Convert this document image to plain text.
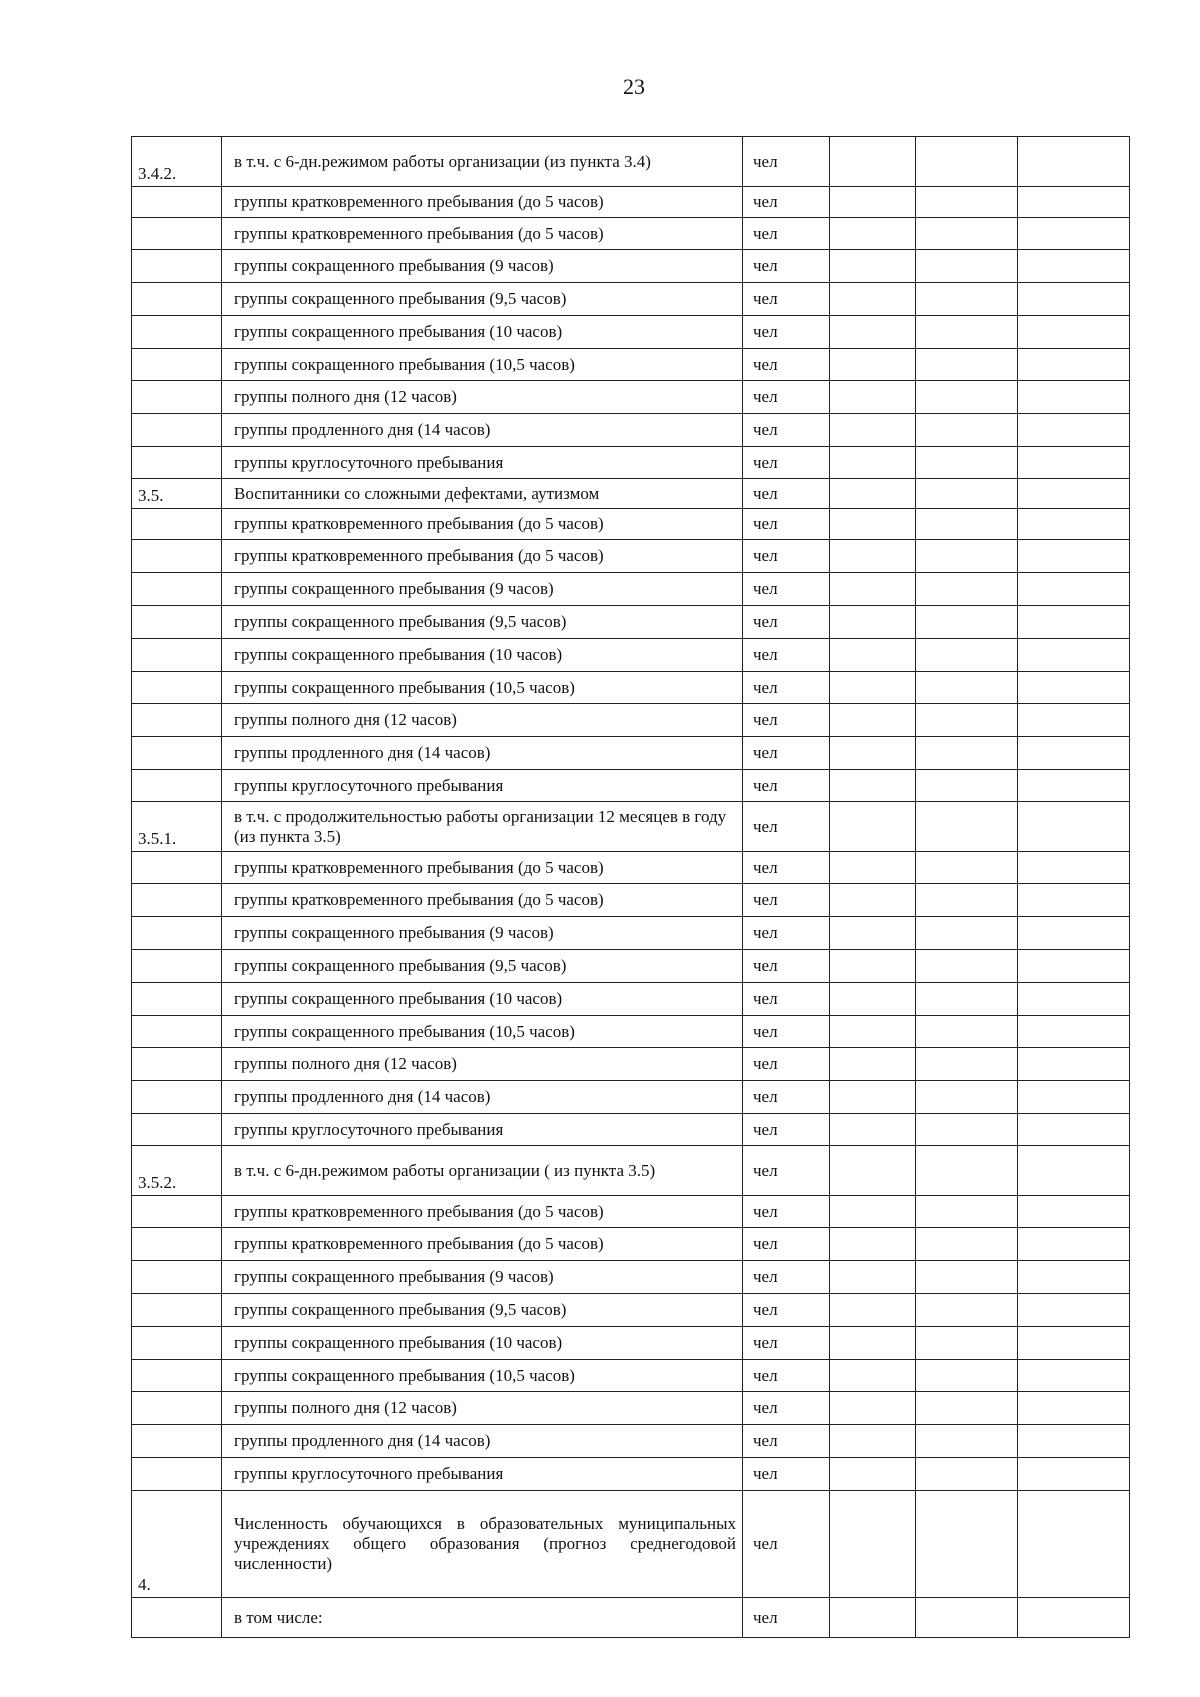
23
3.4.2.	в т.ч. с 6-дн.режимом работы организации (из пункта 3.4)	чел			
	группы кратковременного пребывания (до 5 часов)	чел			
	группы кратковременного пребывания (до 5 часов)	чел			
	группы сокращенного пребывания (9 часов)	чел			
	группы сокращенного пребывания (9,5 часов)	чел			
	группы сокращенного пребывания (10 часов)	чел			
	группы сокращенного пребывания (10,5 часов)	чел			
	группы полного дня (12 часов)	чел			
	группы продленного дня (14 часов)	чел			
	группы круглосуточного пребывания	чел			
3.5.	Воспитанники со сложными дефектами, аутизмом	чел			
	группы кратковременного пребывания (до 5 часов)	чел			
	группы кратковременного пребывания (до 5 часов)	чел			
	группы сокращенного пребывания (9 часов)	чел			
	группы сокращенного пребывания (9,5 часов)	чел			
	группы сокращенного пребывания (10 часов)	чел			
	группы сокращенного пребывания (10,5 часов)	чел			
	группы полного дня (12 часов)	чел			
	группы продленного дня (14 часов)	чел			
	группы круглосуточного пребывания	чел			
3.5.1.	в т.ч. с продолжительностью работы организации 12 месяцев в году (из пункта 3.5)	чел			
	группы кратковременного пребывания (до 5 часов)	чел			
	группы кратковременного пребывания (до 5 часов)	чел			
	группы сокращенного пребывания (9 часов)	чел			
	группы сокращенного пребывания (9,5 часов)	чел			
	группы сокращенного пребывания (10 часов)	чел			
	группы сокращенного пребывания (10,5 часов)	чел			
	группы полного дня (12 часов)	чел			
	группы продленного дня (14 часов)	чел			
	группы круглосуточного пребывания	чел			
3.5.2.	в т.ч. с 6-дн.режимом работы организации ( из пункта 3.5)	чел			
	группы кратковременного пребывания (до 5 часов)	чел			
	группы кратковременного пребывания (до 5 часов)	чел			
	группы сокращенного пребывания (9 часов)	чел			
	группы сокращенного пребывания (9,5 часов)	чел			
	группы сокращенного пребывания (10 часов)	чел			
	группы сокращенного пребывания (10,5 часов)	чел			
	группы полного дня (12 часов)	чел			
	группы продленного дня (14 часов)	чел			
	группы круглосуточного пребывания	чел			
4.	Численность обучающихся в образовательных муниципальных учреждениях общего образования (прогноз среднегодовой численности)	чел			
	в том числе:	чел			
